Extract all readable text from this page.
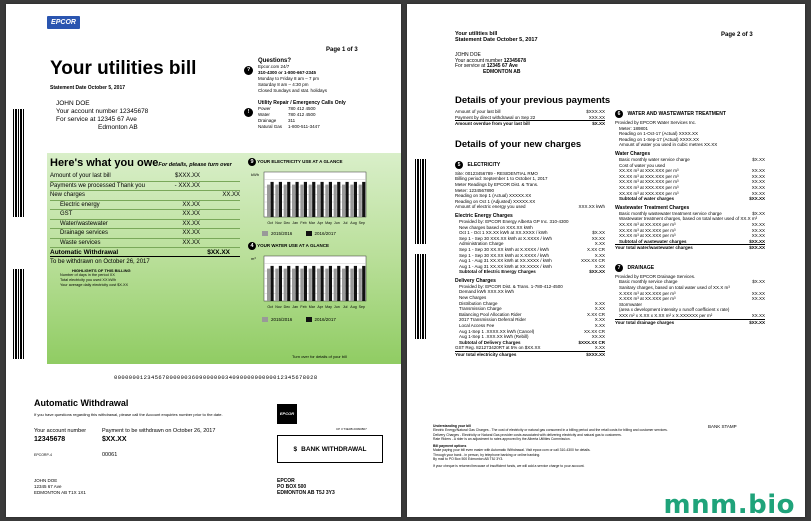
EPCOR
Page 1 of 3
Your utilities bill
Statement Date October 5, 2017
JOHN DOE
Your account number 12345678
For service at 12345 67 Ave
Edmonton AB
?
Questions?
Epcor.com 24/7
310-4300 or 1-800-667-2345
Monday to Friday 8 am – 7 pm
Saturday 8 am – 4:30 pm
Closed Sundays and stat. holidays
!
Utility Repair / Emergency Calls Only
Power	780 412 4500
Water	780 412 4500
Drainage	311
Natural Gas	1-800-511-3447
Here's what you oweFor details, please turn over
Amount of your last bill	$XXX.XX
Payments we processed Thank you	- XXX.XX
New charges	XX.XX
Electric energy	XX.XX
GST	XX.XX
Water/wastewater	XX.XX
Drainage services	XX.XX
Waste services	XX.XX
Automatic Withdrawal	$XX.XX
To be withdrawn on October 26, 2017
HIGHLIGHTS OF THIS BILLING
Number of days in the period XX
Total electricity you used XX kWh
Your average daily electricity cost $X.XX
9 YOUR ELECTRICITY USE AT A GLANCE
kWh
Oct Nov Dec Jan Feb Mar Apr May Jun Jul Aug Sep
2015/2016	2016/2017
4 YOUR WATER USE AT A GLANCE
m³
Oct Nov Dec Jan Feb Mar Apr May Jun Jul Aug Sep
2015/2016	2016/2017
Turn over for details of your bill
0000000123456780000036090000003409000000000012345678028
Automatic Withdrawal
If you have questions regarding this withdrawal, please call the Account enquiries number prior to the date.
Your account number
12345678
Payment to be withdrawn on October 26, 2017
$XX.XX
EPCORP-4	00061
JOHN DOE
12345 67 Ave
EDMONTON AB T1X 1X1
EPCOR
CP 3 T3E0B 20090807
$ BANK WITHDRAWAL
EPCOR
PO BOX 500
EDMONTON AB T5J 3Y3
Page 2 of 3
Your utilities bill
Statement Date October 5, 2017
JOHN DOE
Your account number 12345678
For service at 12345 67 Ave
EDMONTON AB
Details of your previous payments
Amount of your last bill	$XXX.XX
Payment by direct withdrawal on Sep 22	XXX.XX
Amount overdue from your last bill	$X.XX
Details of your new charges
5 ELECTRICITY
Site: 00123456789 - RESIDENTIAL RMO
Billing period: September 1 to October 1, 2017
Meter Readings by EPCOR Dist. & Trans.
Meter: 1234567890
Reading on Sep 1 (Actual) XXXXX.XX
Reading on Oct 1 (Adjusted) XXXXX.XX
Amount of electric energy you used	XXX.XX kWh
Electric Energy Charges
Provided by: EPCOR Energy Alberta GP Inc. 310-4300
New charges based on XXX.XX kWh
Oct 1 - Oct 1 XX.XX kWh at XX.XXXX / kWh	$X.XX
Sep 1 - Sep 30 XXX.XX kWh at X.XXXX / kWh	XX.XX
Administration Charge	X.XX
Sep 1 - Sep 30 XX.XX kWh at X.XXXX / kWh	X.XX CR
Sep 1 - Sep 30 XX.XX kWh at X.XXXX / kWh	X.XX
Aug 1 - Aug 31 XX.XX kWh at XX.XXXX / kWh	XXX.XX CR
Aug 1 - Aug 31 XX.XX kWh at XX.XXXX / kWh	X.XX
Subtotal of Electric Energy Charges	$XX.XX
Delivery Charges
Provided by: EPCOR Dist. & Trans. 1-780-412-4500
Demand kWh XXX.XX kWh
New Charges
Distribution Charge	X.XX
Transmission Charge	X.XX
Balancing Pool Allocation Rider	X.XX CR
2017 Transmission Deferral Rider	X.XX
Local Access Fee	X.XX
Aug 1-Sep 1 .XXXX.XX kWh (Cancel)	XX.XX CR
Aug 1-Sep 1 .XXX.XX kWh (Rebill)	XX.XX
Subtotal of Delivery Charges	$XXX.XX CR
GST Reg. 821273420RT at 5% on $XX.XX	X.XX
Your total electricity charges	$XXX.XX
6 WATER AND WASTEWATER TREATMENT
Provided by EPCOR Water Services Inc.
Meter: 189801
Reading on 1-Oct-17 (Actual) XXXX.XX
Reading on 1-Sep-17 (Actual) XXXX.XX
Amount of water you used in cubic metres XX.XX
Water Charges
Basic monthly water service charge	$X.XX
Cost of water you used
XX.XX m³ at XXX.XXX per m³	XX.XX
XX.XX m³ at XXX.XXX per m³	XX.XX
XX.XX m³ at XXX.XXX per m³	XX.XX
XX.XX m³ at XXX.XXX per m³	XX.XX
XX.XX m³ at XXX.XXX per m³	XX.XX
Subtotal of water charges	$XX.XX
Wastewater Treatment Charges
Basic monthly wastewater treatment service charge	$X.XX
Wastewater treatment charges, based on total water used of XX.X m³
XX.XX m³ at XX.XXX per m³	XX.XX
XX.XX m³ at XX.XXX per m³	XX.XX
XX.XX m³ at XX.XXX per m³	XX.XX
Subtotal of wastewater charges	$XX.XX
Your total water/wastewater charges	$XX.XX
7 DRAINAGE
Provided by EPCOR Drainage Services.
Basic monthly service charge	$X.XX
Sanitary charges, based on total water used of XX.X m³
X.XXX m³ at XX.XXX per m³	XX.XX
X.XXX m³ at XX.XXX per m³	XX.XX
Stormwater
(area x development intensity x runoff coefficient x rate)
XXX m² x X.XX x X.XX m² x X.XXXXXX per m²	XX.XX
Your total drainage charges	$XX.XX
Understanding your bill
Electric Energy/Natural Gas Charges - The cost of electricity or natural gas consumed in a billing period and the retail costs for billing and customer services.
Delivery Charges - Electricity or Natural Gas provider costs associated with delivering electricity and natural gas to customers.
Rate Riders - A rider is an adjustment to rates approved by the Alberta Utilities Commission.
Bill payment options
Make paying your bill even easier with Automatic Withdrawal. Visit epcor.com or call 310-4300 for details.
Through your bank - in person, by telephone banking or online banking.
By mail to PO Box 500 Edmonton AB T5J 3Y3.
If your cheque is returned because of insufficient funds, we will add a service charge to your account.
BANK STAMP
mnm.bio
